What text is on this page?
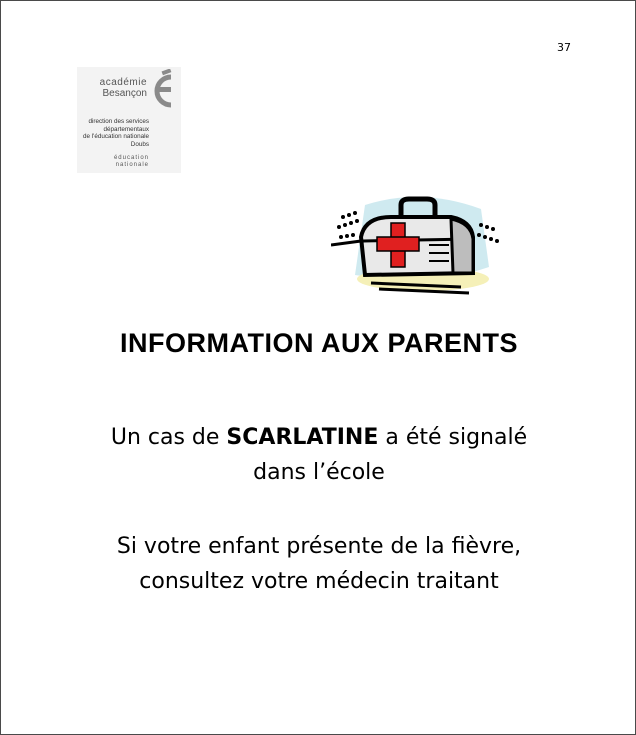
37
académie
Besançon
direction des services
départementaux
de l'éducation nationale
Doubs
éducation
nationale
INFORMATION AUX PARENTS
Un cas de SCARLATINE a été signalé
dans l’école
Si votre enfant présente de la fièvre,
consultez votre médecin traitant
